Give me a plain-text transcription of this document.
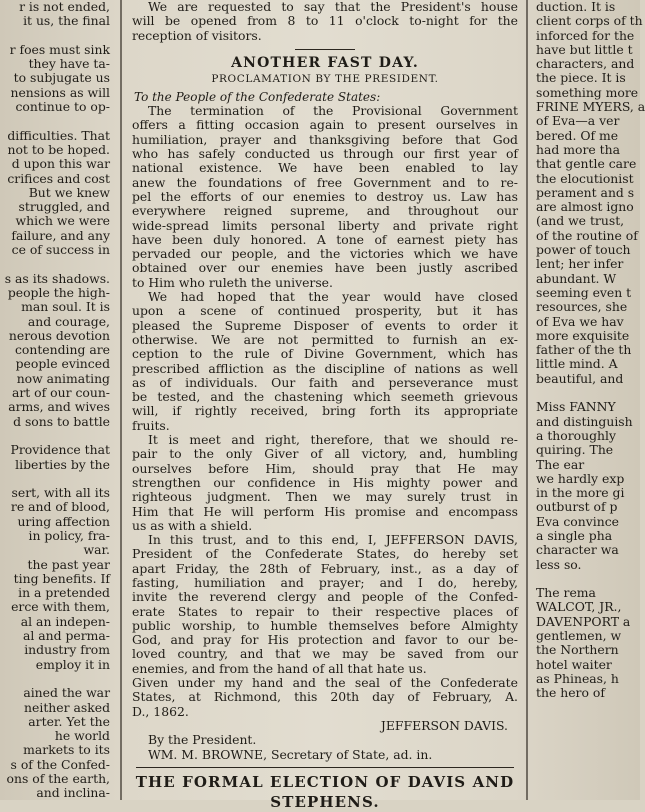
r is not ended,
it us, the final

r foes must sink
they have ta-
to subjugate us
nensions as will
continue to op-

difficulties. That
not to be hoped.
d upon this war
crifices and cost
But we knew
struggled, and
which we were
failure, and any
ce of success in

s as its shadows.
people the high-
man soul. It is
and courage,
nerous devotion
contending are
people evinced
now animating
art of our coun-
arms, and wives
d sons to battle

Providence that
liberties by the

sert, with all its
re and of blood,
uring affection
in policy, fra-
war.
the past year
ting benefits. If
in a pretended
erce with them,
al an indepen-
al and perma-
industry from
employ it in

ained the war
neither asked
arter. Yet the
he world
markets to its
s of the Confed-
ons of the earth,
and inclina-
We are requested to say that the President's house
will be opened from 8 to 11 o'clock to-night for the
reception of visitors.
ANOTHER FAST DAY.
PROCLAMATION BY THE PRESIDENT.
To the People of the Confederate States:
The termination of the Provisional Government
offers a fitting occasion again to present ourselves in
humiliation, prayer and thanksgiving before that God
who has safely conducted us through our first year of
national existence. We have been enabled to lay
anew the foundations of free Government and to re-
pel the efforts of our enemies to destroy us. Law has
everywhere reigned supreme, and throughout our
wide-spread limits personal liberty and private right
have been duly honored. A tone of earnest piety has
pervaded our people, and the victories which we have
obtained over our enemies have been justly ascribed
to Him who ruleth the universe.
We had hoped that the year would have closed
upon a scene of continued prosperity, but it has
pleased the Supreme Disposer of events to order it
otherwise. We are not permitted to furnish an ex-
ception to the rule of Divine Government, which has
prescribed affliction as the discipline of nations as well
as of individuals. Our faith and perseverance must
be tested, and the chastening which seemeth grievous
will, if rightly received, bring forth its appropriate
fruits.
It is meet and right, therefore, that we should re-
pair to the only Giver of all victory, and, humbling
ourselves before Him, should pray that He may
strengthen our confidence in His mighty power and
righteous judgment. Then we may surely trust in
Him that He will perform His promise and encompass
us as with a shield.
In this trust, and to this end, I, JEFFERSON DAVIS,
President of the Confederate States, do hereby set
apart Friday, the 28th of February, inst., as a day of
fasting, humiliation and prayer; and I do, hereby,
invite the reverend clergy and people of the Confed-
erate States to repair to their respective places of
public worship, to humble themselves before Almighty
God, and pray for His protection and favor to our be-
loved country, and that we may be saved from our
enemies, and from the hand of all that hate us.
Given under my hand and the seal of the Confederate
States, at Richmond, this 20th day of February, A.
D., 1862.
JEFFERSON DAVIS.
By the President.
WM. M. BROWNE, Secretary of State, ad. in.
THE FORMAL ELECTION OF DAVIS AND
STEPHENS.
duction. It is
client corps of th
inforced for the
have but little t
characters, and
the piece. It is
something more
FRINE MYERS, a
of Eva—a ver
bered. Of me
had more tha
that gentle care
the elocutionist
perament and s
are almost igno
(and we trust,
of the routine of
power of touch
lent; her infer
abundant. W
seeming even t
resources, she
of Eva we hav
more exquisite
father of the th
little mind. A
beautiful, and

Miss FANNY
and distinguish
a thoroughly
quiring. The
The ear
we hardly exp
in the more gi
outburst of p
Eva convince
a single pha
character wa
less so.

The rema
WALCOT, JR.,
DAVENPORT a
gentlemen, w
the Northern
hotel waiter
as Phineas, h
the hero of
